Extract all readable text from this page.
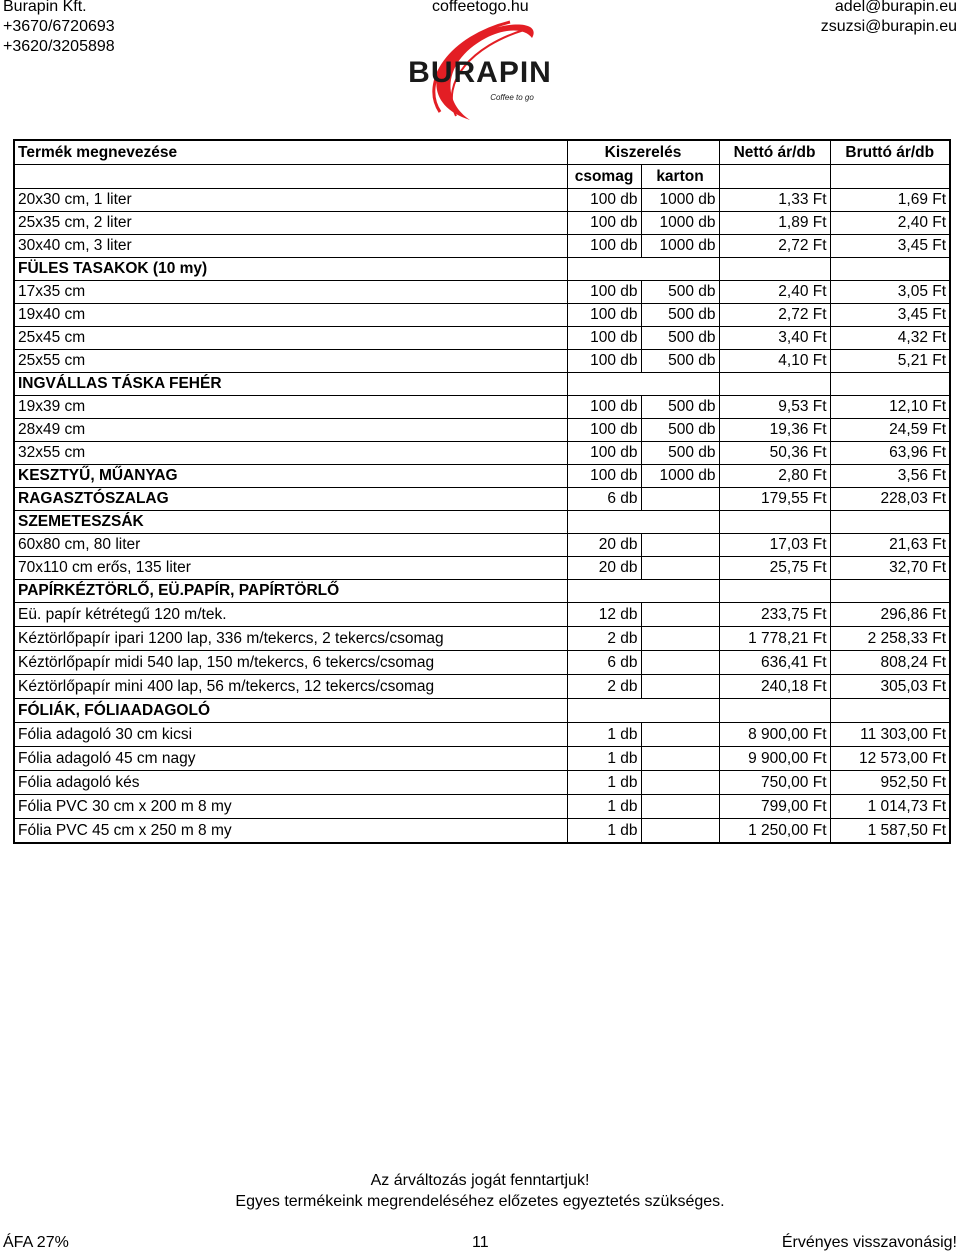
Burapin Kft.
+3670/6720693
+3620/3205898
coffeetogo.hu	adel@burapin.eu
zsuzsi@burapin.eu
BURAPIN
Coffee to go
Termék megnevezése	Kiszerelés		Nettó ár/db	Bruttó ár/db
	csomag	karton		
20x30 cm, 1 liter	100 db	1000 db	1,33 Ft	1,69 Ft
25x35 cm, 2 liter	100 db	1000 db	1,89 Ft	2,40 Ft
30x40 cm, 3 liter	100 db	1000 db	2,72 Ft	3,45 Ft
FÜLES TASAKOK (10 my)				
17x35 cm	100 db	500 db	2,40 Ft	3,05 Ft
19x40 cm	100 db	500 db	2,72 Ft	3,45 Ft
25x45 cm	100 db	500 db	3,40 Ft	4,32 Ft
25x55 cm	100 db	500 db	4,10 Ft	5,21 Ft
INGVÁLLAS TÁSKA FEHÉR				
19x39 cm	100 db	500 db	9,53 Ft	12,10 Ft
28x49 cm	100 db	500 db	19,36 Ft	24,59 Ft
32x55 cm	100 db	500 db	50,36 Ft	63,96 Ft
KESZTYŰ, MŰANYAG	100 db	1000 db	2,80 Ft	3,56 Ft
RAGASZTÓSZALAG	6 db		179,55 Ft	228,03 Ft
SZEMETESZSÁK				
60x80 cm, 80 liter	20 db		17,03 Ft	21,63 Ft
70x110 cm erős, 135 liter	20 db		25,75 Ft	32,70 Ft
PAPÍRKÉZTÖRLŐ, EÜ.PAPÍR, PAPÍRTÖRLŐ				
Eü. papír kétrétegű 120 m/tek.	12 db		233,75 Ft	296,86 Ft
Kéztörlőpapír ipari 1200 lap, 336 m/tekercs, 2 tekercs/csomag	2 db		1 778,21 Ft	2 258,33 Ft
Kéztörlőpapír midi 540 lap, 150 m/tekercs, 6 tekercs/csomag	6 db		636,41 Ft	808,24 Ft
Kéztörlőpapír mini 400 lap, 56 m/tekercs, 12 tekercs/csomag	2 db		240,18 Ft	305,03 Ft
FÓLIÁK, FÓLIAADAGOLÓ				
Fólia adagoló 30 cm kicsi	1 db		8 900,00 Ft	11 303,00 Ft
Fólia adagoló 45 cm nagy	1 db		9 900,00 Ft	12 573,00 Ft
Fólia adagoló kés	1 db		750,00 Ft	952,50 Ft
Fólia PVC 30 cm x 200 m 8 my	1 db		799,00 Ft	1 014,73 Ft
Fólia PVC 45 cm x 250 m 8 my	1 db		1 250,00 Ft	1 587,50 Ft
Az árváltozás jogát fenntartjuk!
Egyes termékeink megrendeléséhez előzetes egyeztetés szükséges.
ÁFA 27%	11	Érvényes visszavonásig!
